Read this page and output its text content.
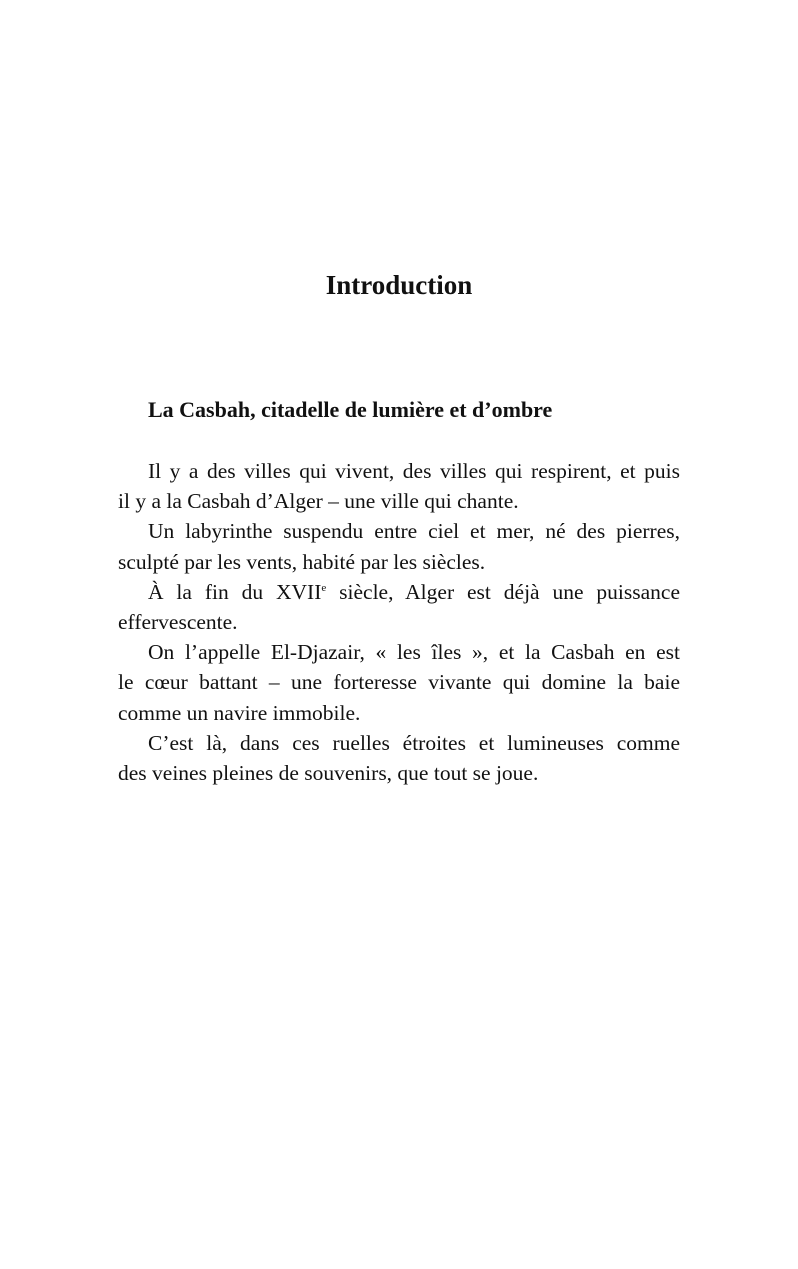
Introduction
La Casbah, citadelle de lumière et d’ombre

Il y a des villes qui vivent, des villes qui respirent, et puis
il y a la Casbah d’Alger – une ville qui chante.

Un labyrinthe suspendu entre ciel et mer, né des pierres,
sculpté par les vents, habité par les siècles.

À la fin du XVIIe siècle, Alger est déjà une puissance
effervescente.

On l’appelle El-Djazair, « les îles », et la Casbah en est
le cœur battant – une forteresse vivante qui domine la baie
comme un navire immobile.

C’est là, dans ces ruelles étroites et lumineuses comme
des veines pleines de souvenirs, que tout se joue.
